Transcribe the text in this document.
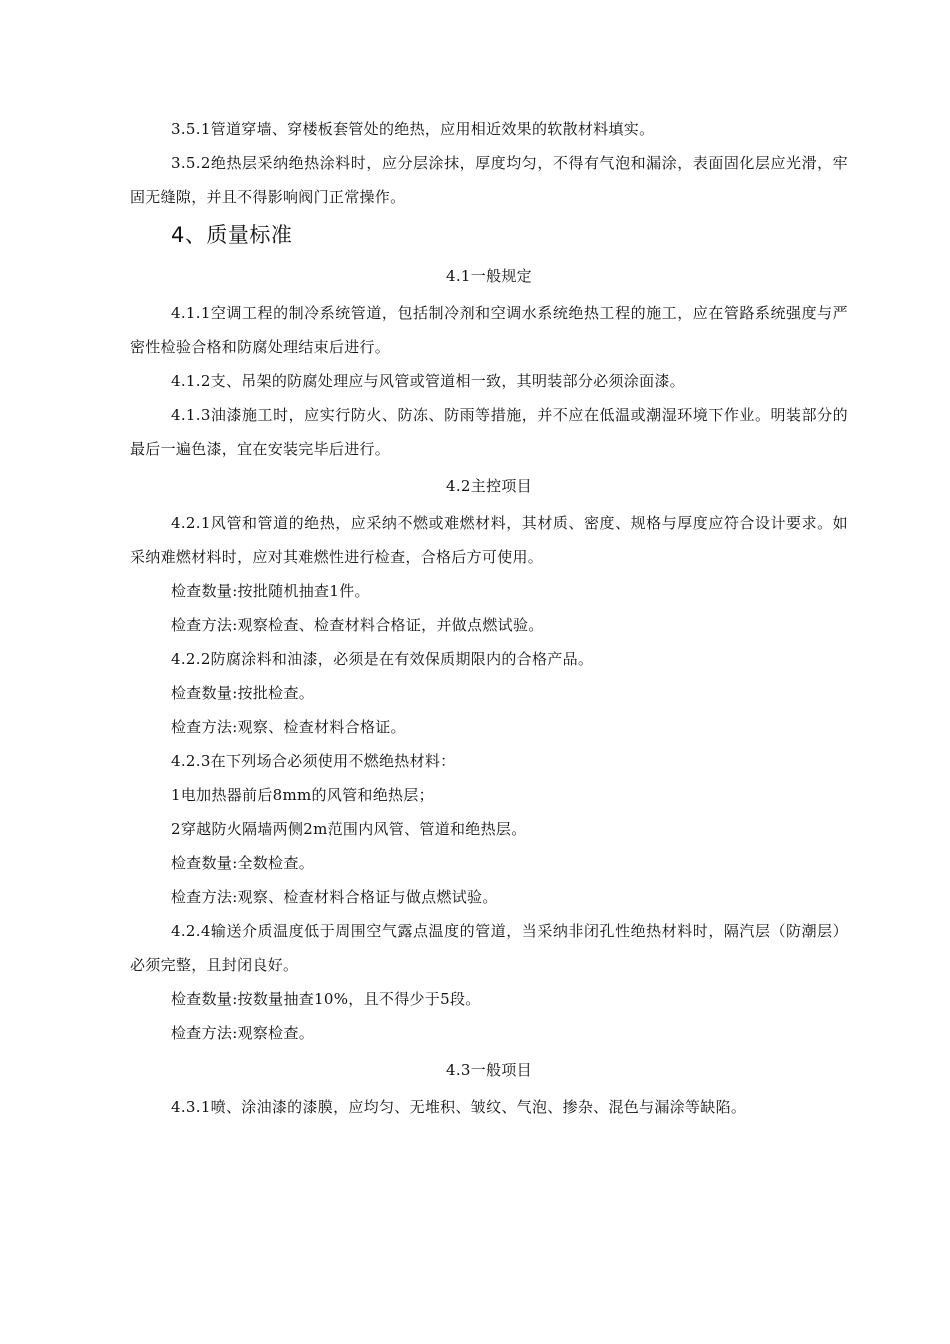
3.5.1管道穿墙、穿楼板套管处的绝热，应用相近效果的软散材料填实。

3.5.2绝热层采纳绝热涂料时，应分层涂抹，厚度均匀，不得有气泡和漏涂，表面固化层应光滑，牢固无缝隙，并且不得影响阀门正常操作。

4、质量标准
4.1一般规定

4.1.1空调工程的制冷系统管道，包括制冷剂和空调水系统绝热工程的施工，应在管路系统强度与严密性检验合格和防腐处理结束后进行。

4.1.2支、吊架的防腐处理应与风管或管道相一致，其明装部分必须涂面漆。

4.1.3油漆施工时，应实行防火、防冻、防雨等措施，并不应在低温或潮湿环境下作业。明装部分的最后一遍色漆，宜在安装完毕后进行。

4.2主控项目

4.2.1风管和管道的绝热，应采纳不燃或难燃材料，其材质、密度、规格与厚度应符合设计要求。如采纳难燃材料时，应对其难燃性进行检查，合格后方可使用。

检查数量:按批随机抽查1件。

检查方法:观察检查、检查材料合格证，并做点燃试验。

4.2.2防腐涂料和油漆，必须是在有效保质期限内的合格产品。

检查数量:按批检查。

检查方法:观察、检查材料合格证。

4.2.3在下列场合必须使用不燃绝热材料：

1电加热器前后8mm的风管和绝热层；

2穿越防火隔墙两侧2m范围内风管、管道和绝热层。

检查数量:全数检查。

检查方法:观察、检查材料合格证与做点燃试验。

4.2.4输送介质温度低于周围空气露点温度的管道，当采纳非闭孔性绝热材料时，隔汽层（防潮层）必须完整，且封闭良好。

检查数量:按数量抽查10%，且不得少于5段。

检查方法:观察检查。

4.3一般项目

4.3.1喷、涂油漆的漆膜，应均匀、无堆积、皱纹、气泡、掺杂、混色与漏涂等缺陷。
